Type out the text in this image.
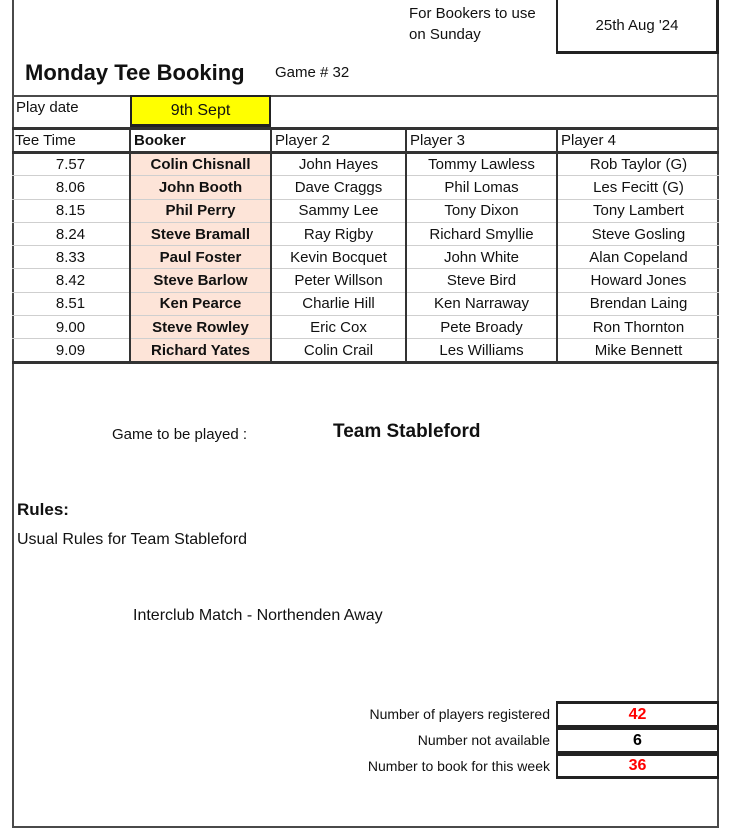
For Bookers to use
on Sunday
25th Aug '24
Monday Tee Booking Game # 32
Play date	9th Sept
Tee Time	Booker	Player 2	Player 3	Player 4
7.57	Colin Chisnall	John Hayes	Tommy Lawless	Rob Taylor (G)
8.06	John Booth	Dave Craggs	Phil Lomas	Les Fecitt (G)
8.15	Phil Perry	Sammy Lee	Tony Dixon	Tony Lambert
8.24	Steve Bramall	Ray Rigby	Richard Smyllie	Steve Gosling
8.33	Paul Foster	Kevin Bocquet	John White	Alan Copeland
8.42	Steve Barlow	Peter Willson	Steve Bird	Howard Jones
8.51	Ken Pearce	Charlie Hill	Ken Narraway	Brendan Laing
9.00	Steve Rowley	Eric Cox	Pete Broady	Ron Thornton
9.09	Richard Yates	Colin Crail	Les Williams	Mike Bennett
Game to be played :	Team Stableford
Rules:
Usual Rules for Team Stableford
Interclub Match - Northenden Away
Number of players registered	42
Number not available	6
Number to book for this week	36
